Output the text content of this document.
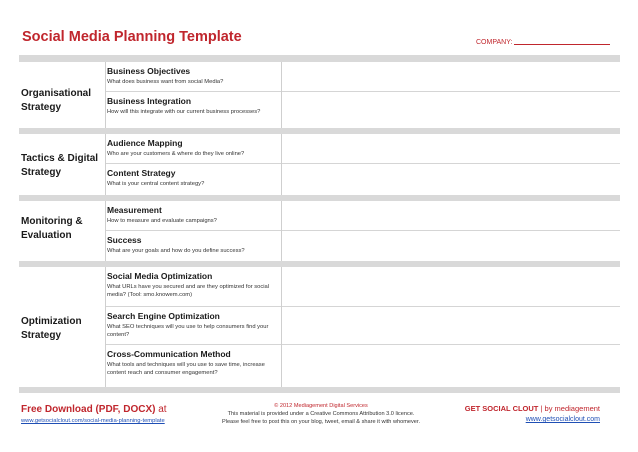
Social Media Planning Template	COMPANY:
Organisational Strategy
Business Objectives
What does business want from social Media?
Business Integration
How will this integrate with our current business processes?
Tactics & Digital Strategy
Audience Mapping
Who are your customers & where do they live online?
Content Strategy
What is your central content strategy?
Monitoring & Evaluation
Measurement
How to measure and evaluate campaigns?
Success
What are your goals and how do you define success?
Optimization Strategy
Social Media Optimization
What URLs have you secured and are they optimized for social media? (Tool: smo.knowem.com)
Search Engine Optimization
What SEO techniques will you use to help consumers find your content?
Cross-Communication Method
What tools and techniques will you use to save time, increase content reach and consumer engagement?
Free Download (PDF, DOCX) at
www.getsocialclout.com/social-media-planning-template
© 2012 Mediagement Digital Services
This material is provided under a Creative Commons Attribution 3.0 licence.
Please feel free to post this on your blog, tweet, email & share it with whomever.
GET SOCIAL CLOUT | by mediagement
www.getsocialclout.com
